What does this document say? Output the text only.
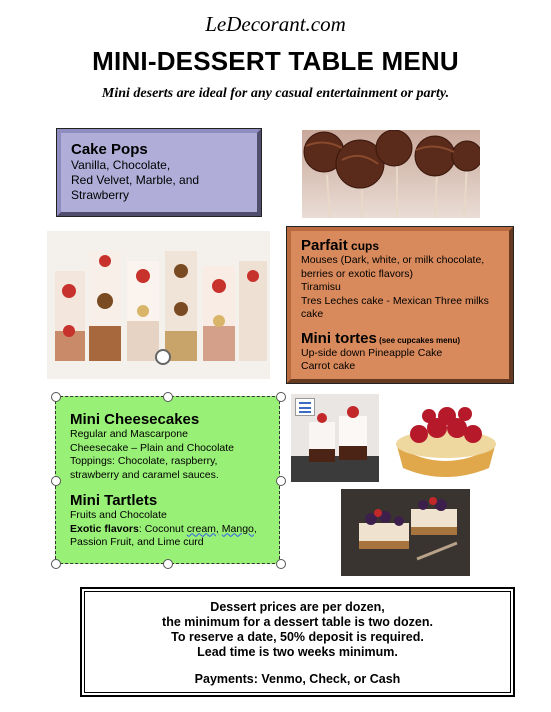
LeDecorant.com
MINI-DESSERT TABLE MENU
Mini deserts are ideal for any casual entertainment or party.
Cake Pops
Vanilla, Chocolate,
Red Velvet, Marble, and
Strawberry
Parfait cups
Mouses (Dark, white, or milk chocolate, berries or exotic flavors)
Tiramisu
Tres Leches cake - Mexican Three milks cake
Mini tortes (see cupcakes menu)
Up-side down Pineapple Cake
Carrot cake
Mini Cheesecakes
Regular and Mascarpone
Cheesecake – Plain and Chocolate
Toppings: Chocolate, raspberry,
strawberry and caramel sauces.
Mini Tartlets
Fruits and Chocolate
Exotic flavors: Coconut cream, Mango, Passion Fruit, and Lime curd
Dessert prices are per dozen,
the minimum for a dessert table is two dozen.
To reserve a date, 50% deposit is required.
Lead time is two weeks minimum.
Payments: Venmo, Check, or Cash
